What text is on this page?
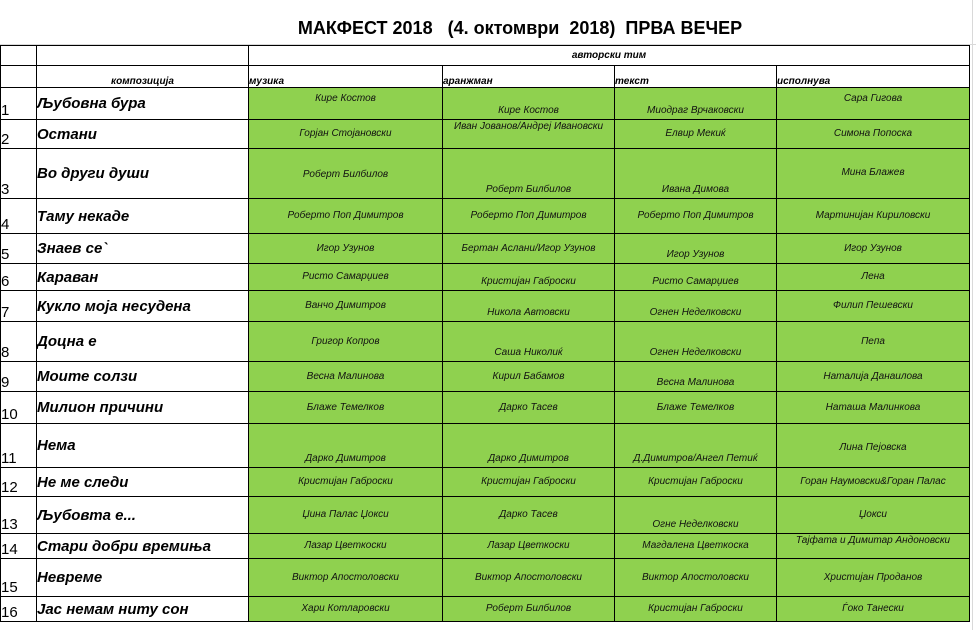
МАКФЕСТ 2018   (4. октомври  2018)  ПРВА ВЕЧЕР
		авторски тим			
	композиција	музика	аранжман	текст	исполнува
1	Љубовна бура	Кире Костов	Кире Костов	Миодраг Врчаковски	Сара Гигова
2	Остани	Горјан Стојановски	Иван Јованов/Андреј Ивановски	Елвир Мекиќ	Симона Попоска
3	Во други души	Роберт Билбилов	Роберт Билбилов	Ивана Димова	Мина Блажев
4	Таму некаде	Роберто Поп Димитров	Роберто Поп Димитров	Роберто Поп Димитров	Мартинијан Кириловски
5	Знаев се`	Игор Узунов	Бертан Аслани/Игор Узунов	Игор Узунов	Игор Узунов
6	Караван	Ристо Самарџиев	Кристијан Габроски	Ристо Самарџиев	Лена
7	Кукло моја несудена	Ванчо Димитров	Никола Автовски	Огнен Неделковски	Филип Пешевски
8	Доцна е	Григор Копров	Саша Николиќ	Огнен Неделковски	Пепа
9	Моите солзи	Весна Малинова	Кирил Бабамов	Весна Малинова	Наталија Данаилова
10	Милион причини	Блаже Темелков	Дарко Тасев	Блаже Темелков	Наташа Малинкова
11	Нема	Дарко Димитров	Дарко Димитров	Д.Димитров/Ангел Петиќ	Лина Пејовска
12	Не ме следи	Кристијан Габроски	Кристијан Габроски	Кристијан Габроски	Горан Наумовски&Горан Палас
13	Љубовта е...	Џина Палас Џокси	Дарко Тасев	Огне Неделковски	Џокси
14	Стари добри времиња	Лазар Цветкоски	Лазар Цветкоски	Магдалена Цветкоска	Тајфата и Димитар Андоновски
15	Невреме	Виктор Апостоловски	Виктор Апостоловски	Виктор Апостоловски	Христијан Проданов
16	Јас немам ниту сон	Хари Котларовски	Роберт Билбилов	Кристијан Габроски	Ѓоко Танески
